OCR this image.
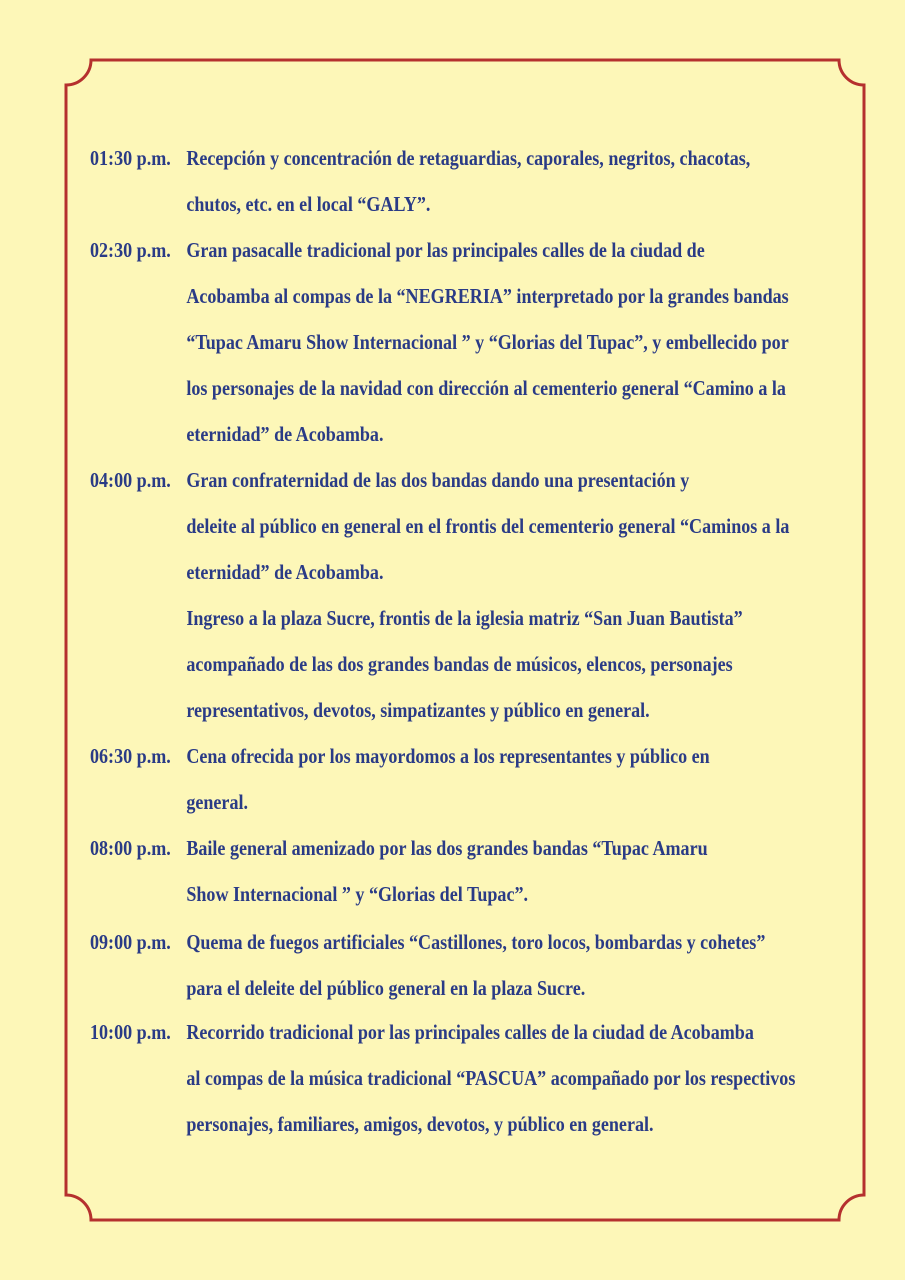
01:30 p.m. Recepción y concentración de retaguardias, caporales, negritos, chacotas,
chutos, etc. en el local “GALY”.
02:30 p.m. Gran pasacalle tradicional por las principales calles de la ciudad de
Acobamba al compas de la “NEGRERIA” interpretado por la grandes bandas
“Tupac Amaru Show Internacional ” y “Glorias del Tupac”, y embellecido por
los personajes de la navidad con dirección al cementerio general “Camino a la
eternidad” de Acobamba.
04:00 p.m. Gran confraternidad de las dos bandas dando una presentación y
deleite al público en general en el frontis del cementerio general “Caminos a la
eternidad” de Acobamba.
Ingreso a la plaza Sucre, frontis de la iglesia matriz “San Juan Bautista”
acompañado de las dos grandes bandas de músicos, elencos, personajes
representativos, devotos, simpatizantes y público en general.
06:30 p.m. Cena ofrecida por los mayordomos a los representantes y público en
general.
08:00 p.m. Baile general amenizado por las dos grandes bandas “Tupac Amaru
Show Internacional ” y “Glorias del Tupac”.
09:00 p.m. Quema de fuegos artificiales “Castillones, toro locos, bombardas y cohetes”
para el deleite del público general en la plaza Sucre.
10:00 p.m. Recorrido tradicional por las principales calles de la ciudad de Acobamba
al compas de la música tradicional “PASCUA” acompañado por los respectivos
personajes, familiares, amigos, devotos, y público en general.
